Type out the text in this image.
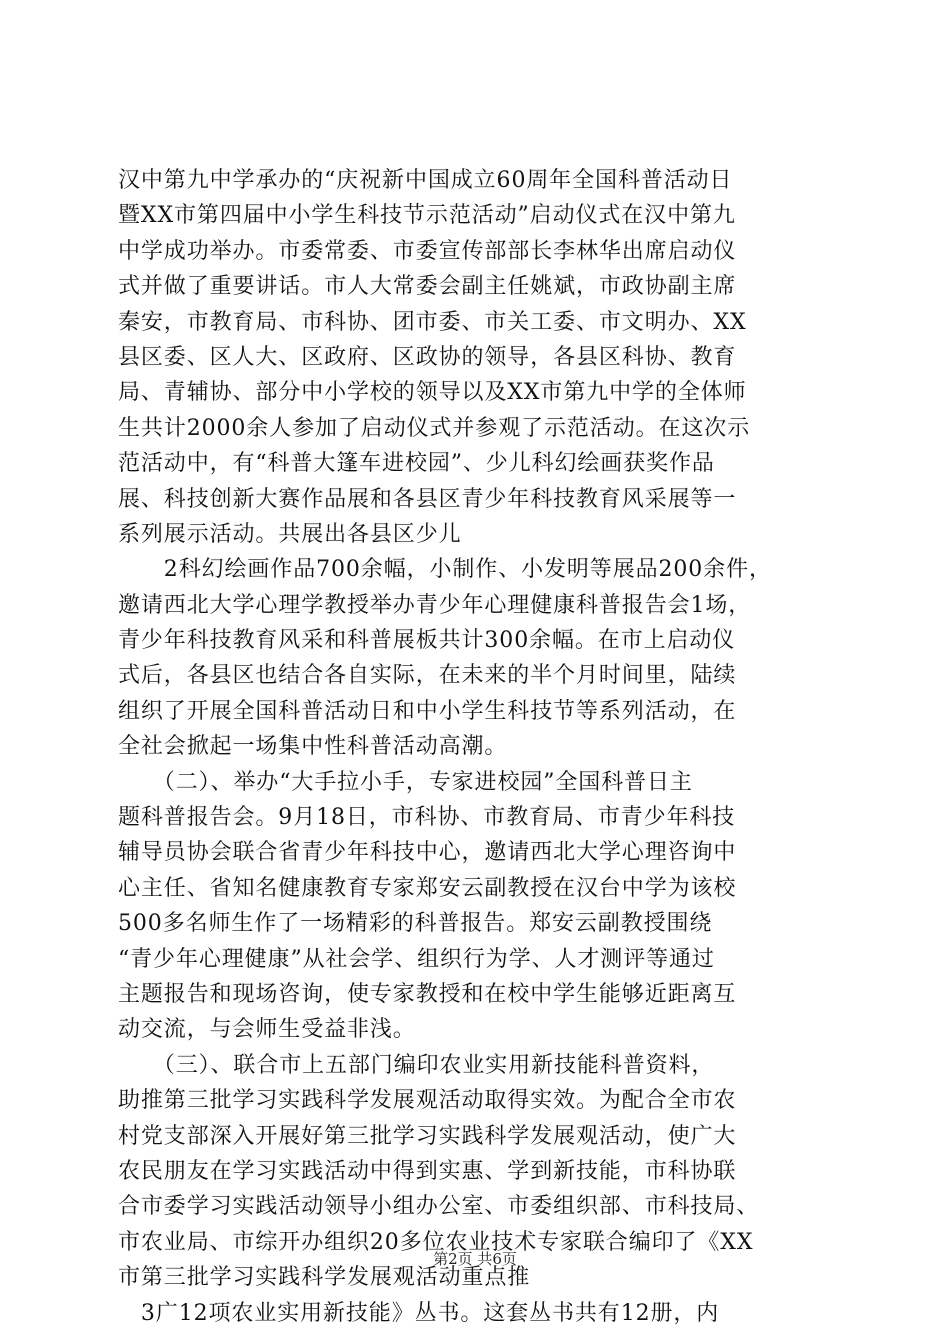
汉中第九中学承办的“庆祝新中国成立60周年全国科普活动日
暨XX市第四届中小学生科技节示范活动”启动仪式在汉中第九
中学成功举办。市委常委、市委宣传部部长李林华出席启动仪
式并做了重要讲话。市人大常委会副主任姚斌，市政协副主席
秦安，市教育局、市科协、团市委、市关工委、市文明办、XX
县区委、区人大、区政府、区政协的领导，各县区科协、教育
局、青辅协、部分中小学校的领导以及XX市第九中学的全体师
生共计2000余人参加了启动仪式并参观了示范活动。在这次示
范活动中，有“科普大篷车进校园”、少儿科幻绘画获奖作品
展、科技创新大赛作品展和各县区青少年科技教育风采展等一
系列展示活动。共展出各县区少儿
　　2科幻绘画作品700余幅，小制作、小发明等展品200余件，
邀请西北大学心理学教授举办青少年心理健康科普报告会1场，
青少年科技教育风采和科普展板共计300余幅。在市上启动仪
式后，各县区也结合各自实际，在未来的半个月时间里，陆续
组织了开展全国科普活动日和中小学生科技节等系列活动，在
全社会掀起一场集中性科普活动高潮。
　　（二）、举办“大手拉小手，专家进校园”全国科普日主
题科普报告会。9月18日，市科协、市教育局、市青少年科技
辅导员协会联合省青少年科技中心，邀请西北大学心理咨询中
心主任、省知名健康教育专家郑安云副教授在汉台中学为该校
500多名师生作了一场精彩的科普报告。郑安云副教授围绕
“青少年心理健康”从社会学、组织行为学、人才测评等通过
主题报告和现场咨询，使专家教授和在校中学生能够近距离互
动交流，与会师生受益非浅。
　　（三）、联合市上五部门编印农业实用新技能科普资料，
助推第三批学习实践科学发展观活动取得实效。为配合全市农
村党支部深入开展好第三批学习实践科学发展观活动，使广大
农民朋友在学习实践活动中得到实惠、学到新技能，市科协联
合市委学习实践活动领导小组办公室、市委组织部、市科技局、
市农业局、市综开办组织20多位农业技术专家联合编印了《XX
市第三批学习实践科学发展观活动重点推
　3广12项农业实用新技能》丛书。这套丛书共有12册，内
第2页 共6页
